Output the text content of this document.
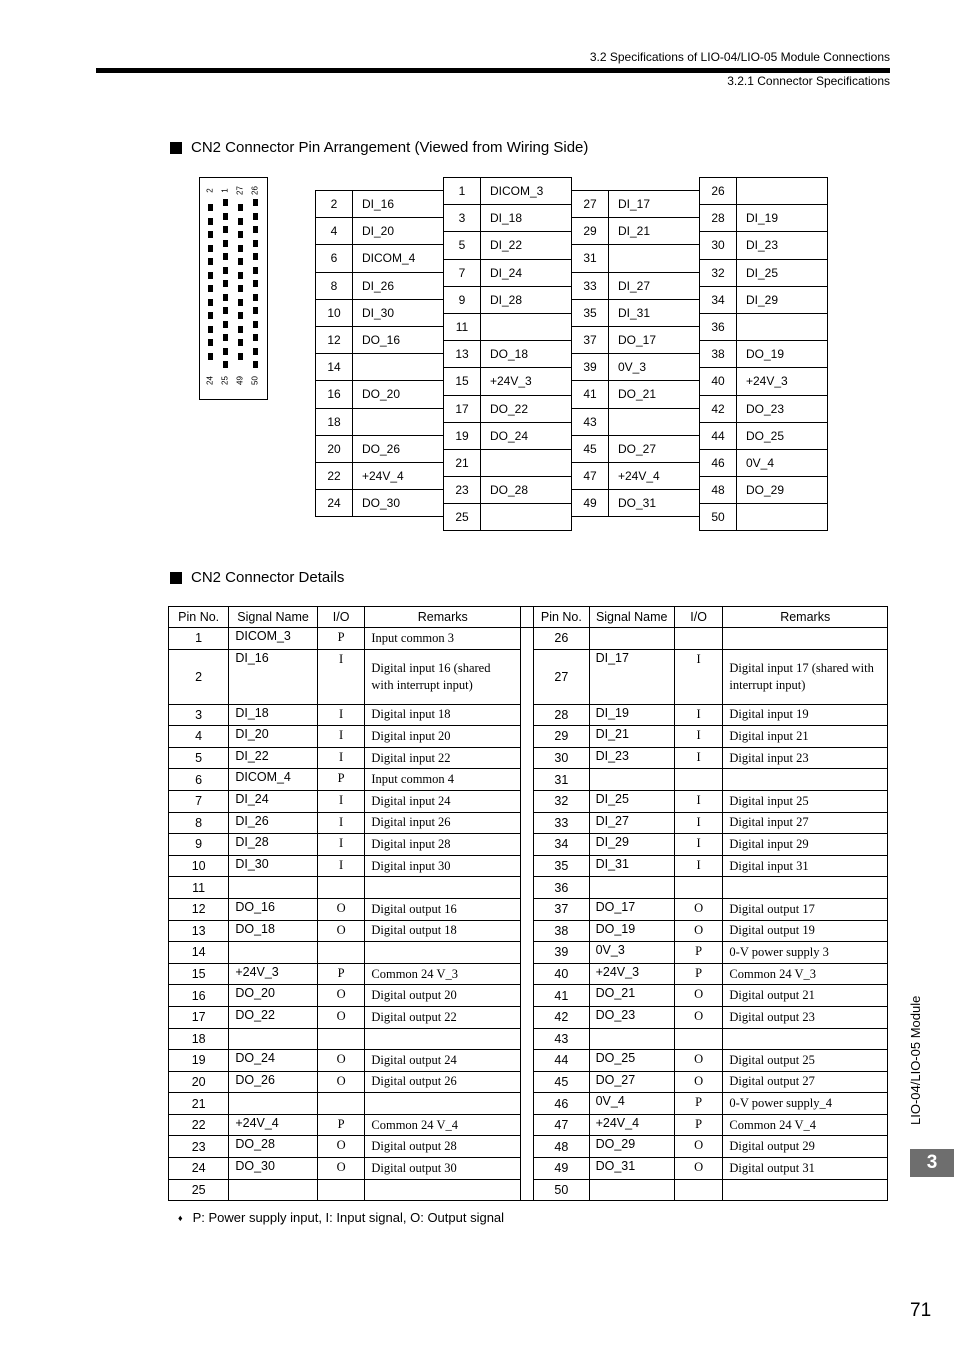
3.2 Specifications of LIO-04/LIO-05 Module Connections
3.2.1 Connector Specifications
CN2 Connector Pin Arrangement (Viewed from Wiring Side)
2 1 27 26
24 25 49 50
2	DI_16
4	DI_20
6	DICOM_4
8	DI_26
10	DI_30
12	DO_16
14	
16	DO_20
18	
20	DO_26
22	+24V_4
24	DO_30
1	DICOM_3
3	DI_18
5	DI_22
7	DI_24
9	DI_28
11	
13	DO_18
15	+24V_3
17	DO_22
19	DO_24
21	
23	DO_28
25	
27	DI_17
29	DI_21
31	
33	DI_27
35	DI_31
37	DO_17
39	0V_3
41	DO_21
43	
45	DO_27
47	+24V_4
49	DO_31
26	
28	DI_19
30	DI_23
32	DI_25
34	DI_29
36	
38	DO_19
40	+24V_3
42	DO_23
44	DO_25
46	0V_4
48	DO_29
50	
CN2 Connector Details
Pin No.	Signal Name	I/O	Remarks		Pin No.	Signal Name	I/O	Remarks
1	DICOM_3	P	Input common 3		26			
2	DI_16	I	Digital input 16 (shared with interrupt input)		27	DI_17	I	Digital input 17 (shared with interrupt input)
3	DI_18	I	Digital input 18		28	DI_19	I	Digital input 19
4	DI_20	I	Digital input 20		29	DI_21	I	Digital input 21
5	DI_22	I	Digital input 22		30	DI_23	I	Digital input 23
6	DICOM_4	P	Input common 4		31			
7	DI_24	I	Digital input 24		32	DI_25	I	Digital input 25
8	DI_26	I	Digital input 26		33	DI_27	I	Digital input 27
9	DI_28	I	Digital input 28		34	DI_29	I	Digital input 29
10	DI_30	I	Digital input 30		35	DI_31	I	Digital input 31
11					36			
12	DO_16	O	Digital output 16		37	DO_17	O	Digital output 17
13	DO_18	O	Digital output 18		38	DO_19	O	Digital output 19
14					39	0V_3	P	0-V power supply 3
15	+24V_3	P	Common 24 V_3		40	+24V_3	P	Common 24 V_3
16	DO_20	O	Digital output 20		41	DO_21	O	Digital output 21
17	DO_22	O	Digital output 22		42	DO_23	O	Digital output 23
18					43			
19	DO_24	O	Digital output 24		44	DO_25	O	Digital output 25
20	DO_26	O	Digital output 26		45	DO_27	O	Digital output 27
21					46	0V_4	P	0-V power supply_4
22	+24V_4	P	Common 24 V_4		47	+24V_4	P	Common 24 V_4
23	DO_28	O	Digital output 28		48	DO_29	O	Digital output 29
24	DO_30	O	Digital output 30		49	DO_31	O	Digital output 31
25					50			
♦ P: Power supply input, I: Input signal, O: Output signal
LIO-04/LIO-05 Module
3
71
